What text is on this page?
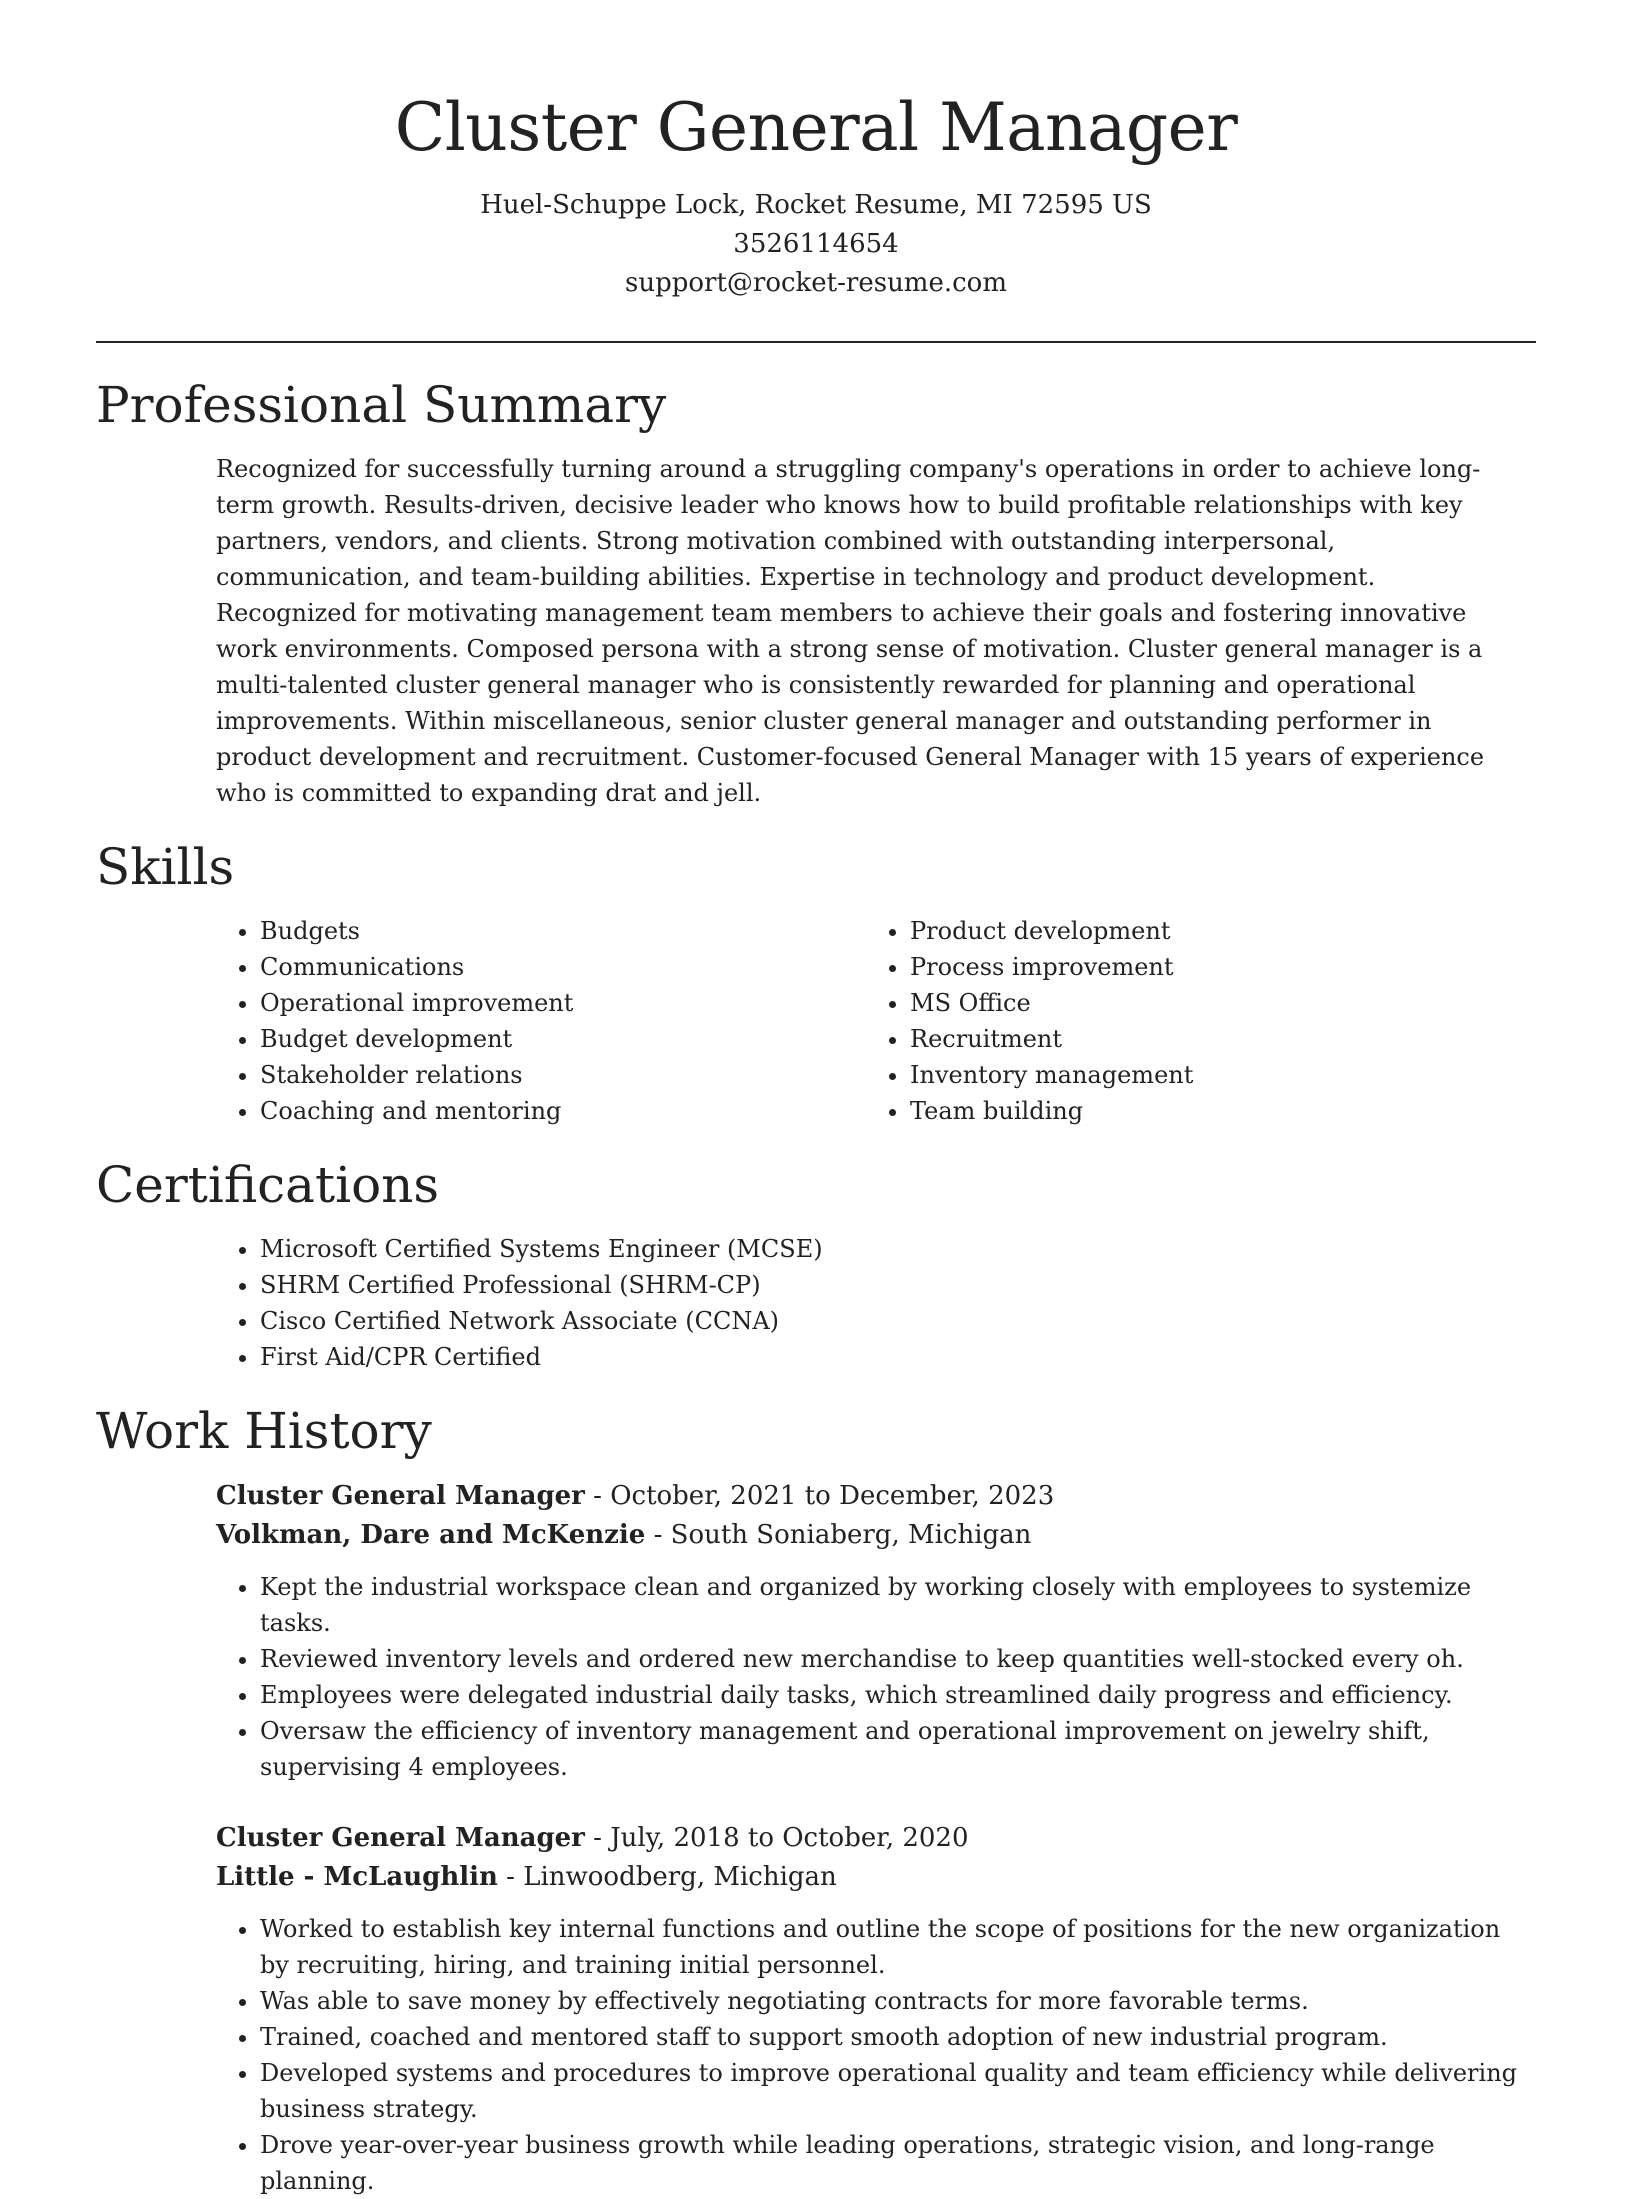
Cluster General Manager

Huel-Schuppe Lock, Rocket Resume, MI 72595 US

3526114654

support@rocket-resume.com

Professional Summary

Recognized for successfully turning around a struggling company's operations in order to achieve long-term growth. Results-driven, decisive leader who knows how to build profitable relationships with key partners, vendors, and clients. Strong motivation combined with outstanding interpersonal, communication, and team-building abilities. Expertise in technology and product development. Recognized for motivating management team members to achieve their goals and fostering innovative work environments. Composed persona with a strong sense of motivation. Cluster general manager is a multi-talented cluster general manager who is consistently rewarded for planning and operational improvements. Within miscellaneous, senior cluster general manager and outstanding performer in product development and recruitment. Customer-focused General Manager with 15 years of experience who is committed to expanding drat and jell.

Skills
• Budgets
• Communications
• Operational improvement
• Budget development
• Stakeholder relations
• Coaching and mentoring
• Product development
• Process improvement
• MS Office
• Recruitment
• Inventory management
• Team building
Certifications
• Microsoft Certified Systems Engineer (MCSE)
• SHRM Certified Professional (SHRM-CP)
• Cisco Certified Network Associate (CCNA)
• First Aid/CPR Certified
Work History

Cluster General Manager - October, 2021 to December, 2023

Volkman, Dare and McKenzie - South Soniaberg, Michigan

• Kept the industrial workspace clean and organized by working closely with employees to systemize tasks.
• Reviewed inventory levels and ordered new merchandise to keep quantities well-stocked every oh.
• Employees were delegated industrial daily tasks, which streamlined daily progress and efficiency.
• Oversaw the efficiency of inventory management and operational improvement on jewelry shift, supervising 4 employees.

Cluster General Manager - July, 2018 to October, 2020

Little - McLaughlin - Linwoodberg, Michigan

• Worked to establish key internal functions and outline the scope of positions for the new organization by recruiting, hiring, and training initial personnel.
• Was able to save money by effectively negotiating contracts for more favorable terms.
• Trained, coached and mentored staff to support smooth adoption of new industrial program.
• Developed systems and procedures to improve operational quality and team efficiency while delivering business strategy.
• Drove year-over-year business growth while leading operations, strategic vision, and long-range planning.
